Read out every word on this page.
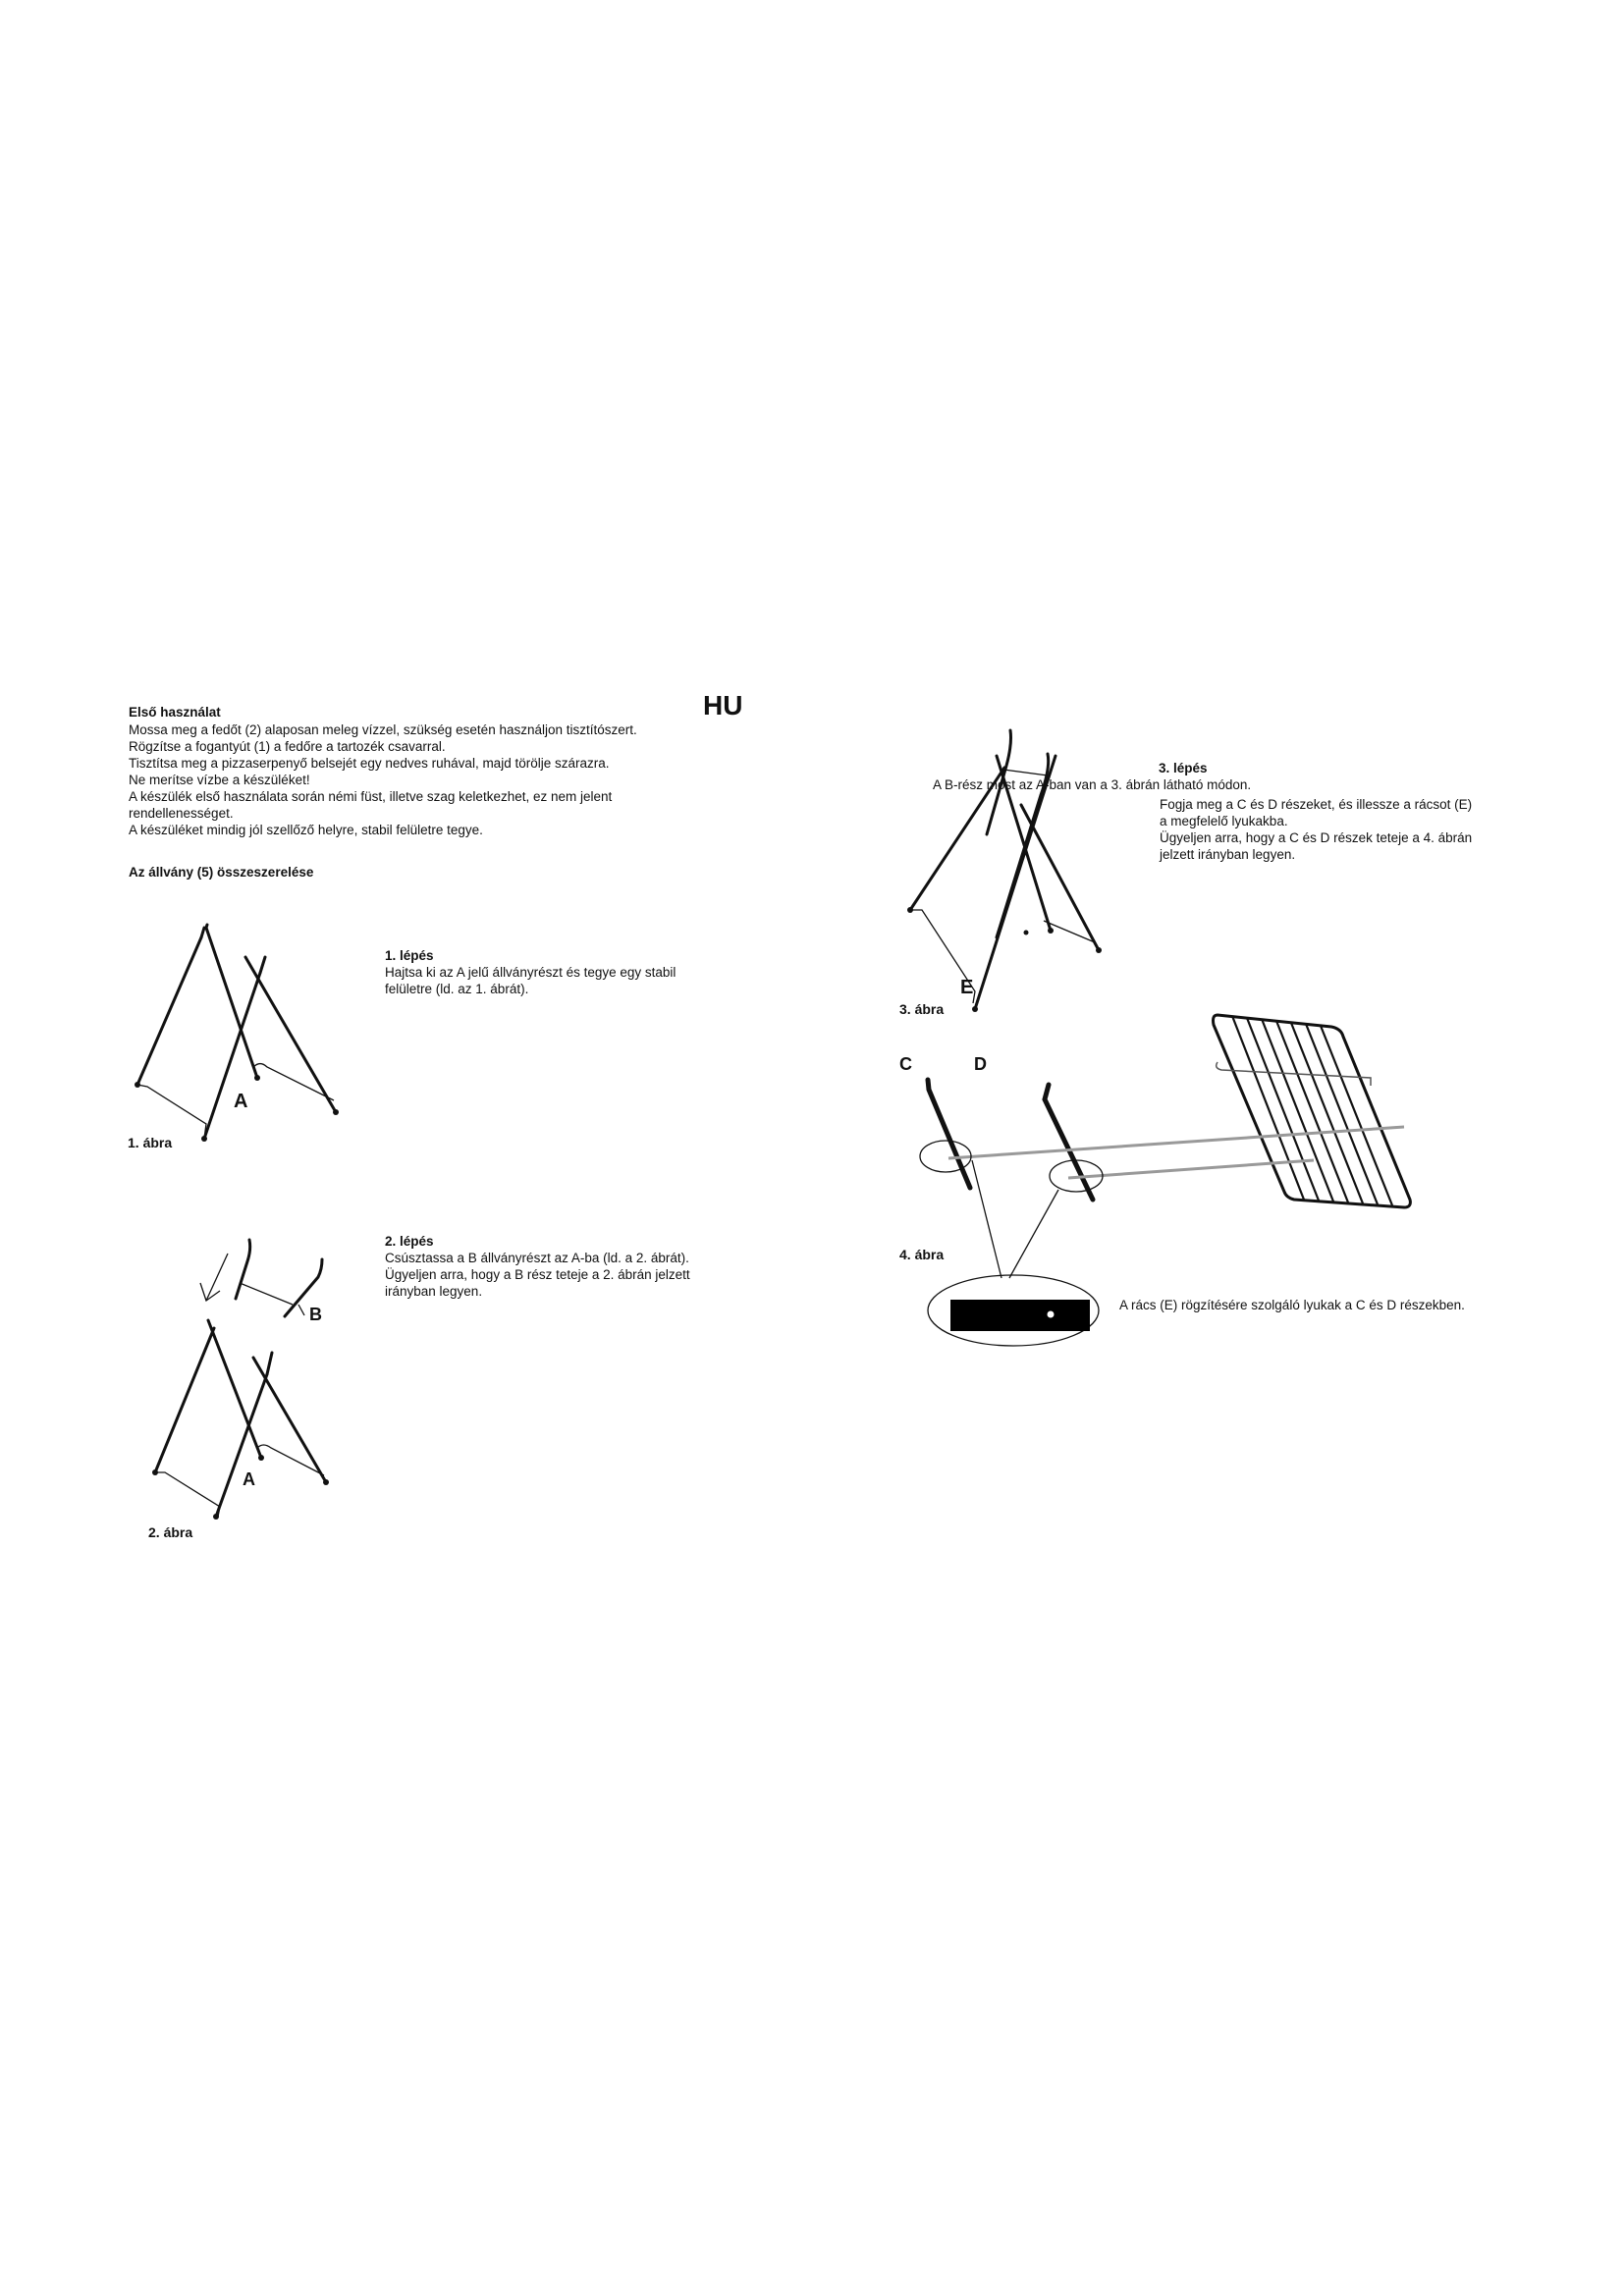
HU
Első használat
Mossa meg a fedőt (2) alaposan meleg vízzel, szükség esetén használjon tisztítószert.
Rögzítse a fogantyút (1) a fedőre a tartozék csavarral.
Tisztítsa meg a pizzaserpenyő belsejét egy nedves ruhával, majd törölje szárazra.
Ne merítse vízbe a készüléket!
A készülék első használata során némi füst, illetve szag keletkezhet, ez nem jelent
rendellenességet.
A készüléket mindig jól szellőző helyre, stabil felületre tegye.
Az állvány (5) összeszerelése
1. lépés
Hajtsa ki az A jelű állványrészt és tegye egy stabil
felületre (ld. az 1. ábrát).
A
1. ábra
2. lépés
Csúsztassa a B állványrészt az A-ba (ld. a 2. ábrát).
Ügyeljen arra, hogy a B rész teteje a 2. ábrán jelzett
irányban legyen.
B
A
2. ábra
3. lépés
A B-rész most az A-ban van a 3. ábrán látható módon.
Fogja meg a C és D részeket, és illessze a rácsot (E)
a megfelelő lyukakba.
Ügyeljen arra, hogy a C és D részek teteje a 4. ábrán
jelzett irányban legyen.
E
3. ábra
C	D
4. ábra
A rács (E) rögzítésére szolgáló lyukak a C és D részekben.
